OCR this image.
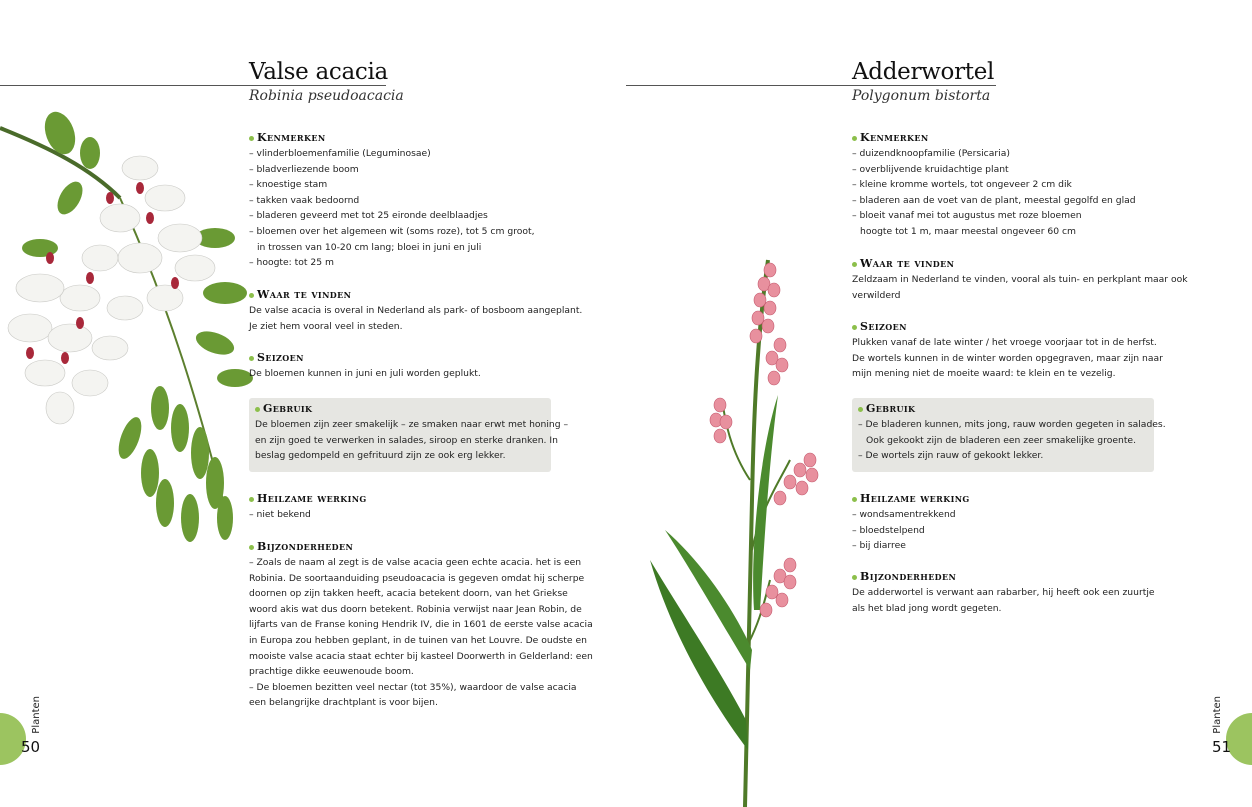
Valse acacia
Robinia pseudoacacia
Kenmerken
– vlinderbloemenfamilie (Leguminosae)
– bladverliezende boom
– knoestige stam
– takken vaak bedoornd
– bladeren geveerd met tot 25 eironde deelblaadjes
– bloemen over het algemeen wit (soms roze), tot 5 cm groot,
in trossen van 10-20 cm lang; bloei in juni en juli
– hoogte: tot 25 m
Waar te vinden
De valse acacia is overal in Nederland als park- of bosboom aangeplant.
Je ziet hem vooral veel in steden.
Seizoen
De bloemen kunnen in juni en juli worden geplukt.
Gebruik
De bloemen zijn zeer smakelijk – ze smaken naar erwt met honing –
en zijn goed te verwerken in salades, siroop en sterke dranken. In
beslag gedompeld en gefrituurd zijn ze ook erg lekker.
Heilzame werking
– niet bekend
Bijzonderheden
– Zoals de naam al zegt is de valse acacia geen echte acacia. het is een
Robinia. De soortaanduiding pseudoacacia is gegeven omdat hij scherpe
doornen op zijn takken heeft, acacia betekent doorn, van het Griekse
woord akis wat dus doorn betekent. Robinia verwijst naar Jean Robin, de
lijfarts van de Franse koning Hendrik IV, die in 1601 de eerste valse acacia
in Europa zou hebben geplant, in de tuinen van het Louvre. De oudste en
mooiste valse acacia staat echter bij kasteel Doorwerth in Gelderland: een
prachtige dikke eeuwenoude boom.
– De bloemen bezitten veel nectar (tot 35%), waardoor de valse acacia
een belangrijke drachtplant is voor bijen.
Planten
50
Adderwortel
Polygonum bistorta
Kenmerken
– duizendknoopfamilie (Persicaria)
– overblijvende kruidachtige plant
– kleine kromme wortels, tot ongeveer 2 cm dik
– bladeren aan de voet van de plant, meestal gegolfd en glad
– bloeit vanaf mei tot augustus met roze bloemen
hoogte tot 1 m, maar meestal ongeveer 60 cm
Waar te vinden
Zeldzaam in Nederland te vinden, vooral als tuin- en perkplant maar ook
verwilderd
Seizoen
Plukken vanaf de late winter / het vroege voorjaar tot in de herfst.
De wortels kunnen in de winter worden opgegraven, maar zijn naar
mijn mening niet de moeite waard: te klein en te vezelig.
Gebruik
– De bladeren kunnen, mits jong, rauw worden gegeten in salades.
Ook gekookt zijn de bladeren een zeer smakelijke groente.
– De wortels zijn rauw of gekookt lekker.
Heilzame werking
– wondsamentrekkend
– bloedstelpend
– bij diarree
Bijzonderheden
De adderwortel is verwant aan rabarber, hij heeft ook een zuurtje
als het blad jong wordt gegeten.
Planten
51
